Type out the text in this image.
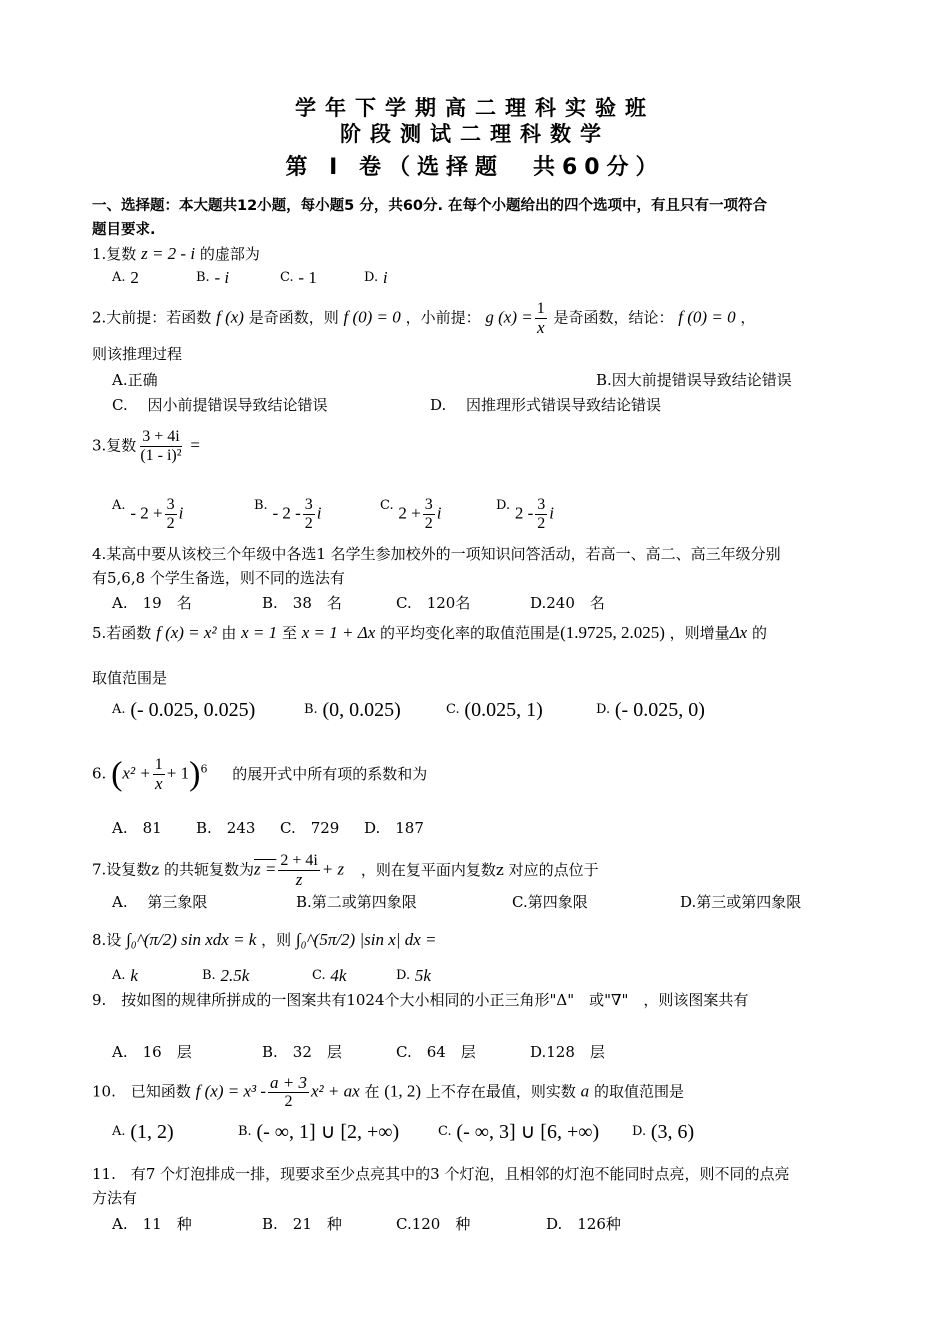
学年下学期高二理科实验班
阶段测试二理科数学
第 I 卷（选择题　共60分）
一、选择题：本大题共12小题，每小题5 分，共60分. 在每个小题给出的四个选项中，有且只有一项符合
题目要求.
1.复数 z = 2 - i 的虚部为
A. 2	B. - i	C. - 1	D. i
2.大前提：若函数 f (x) 是奇函数，则 f (0) = 0 ，小前提： g $(x) = \frac{1}{x}$ 是奇函数，结论： f (0) = 0 ，
则该推理过程
A.正确	B.因大前提错误导致结论错误
C.　 因小前提错误导致结论错误	D.　 因推理形式错误导致结论错误
3.复数 $\frac{3 + 4i}{\text{(1 - i)²}}$ =
A. - $2 + \frac{3}{2}$ i	B. - $2 - \frac{3}{2}$ i	C. $2 + \frac{3}{2}$ i	D. $2 - \frac{3}{2}$ i
4.某高中要从该校三个年级中各选1 名学生参加校外的一项知识问答活动，若高一、高二、高三年级分别
有5,6,8 个学生备选，则不同的选法有
A.　19　名	B.　38　名	C.　120名	D.240　名
5.若函数 f (x) = x² 由 x = 1 至 x = 1 + Δx 的平均变化率的取值范围是(1.9725, 2.025) ，则增量Δx 的
取值范围是
A. (- 0.025, 0.025)	B. (0, 0.025)	C. (0.025, 1)	D. (- 0.025, 0)
6. $(x^2 + \frac{1}{x} + 1)^6$ 的展开式中所有项的系数和为
A.　81 B.　243 C.　729 D.　187
7.设复数z 的共轭复数为$z = \frac{2 + 4i}{z} + z$ ，则在复平面内复数z 对应的点位于
A.　 第三象限	B.第二或第四象限	C.第四象限	D.第三或第四象限
8.设 ∫₀^(π/2) sin xdx = k ，则 ∫₀^(5π/2) |sin x| dx =
A. k	B. 2.5k	C. 4k	D. 5k
9.　按如图的规律所拼成的一图案共有1024个大小相同的小正三角形"Δ"　或"∇"　，则该图案共有
A.　16　层	B.　32　层	C.　64　层	D.128　层
10.　已知函数 f $(x) = x^3 - \frac{a + 3}{2} x^2$ + ax 在 (1, 2) 上不存在最值，则实数 a 的取值范围是
A. (1, 2)	B. (- ∞, 1] ∪ [2, +∞)	C. (- ∞, 3] ∪ [6, +∞)	D. (3, 6)
11.　有7 个灯泡排成一排，现要求至少点亮其中的3 个灯泡，且相邻的灯泡不能同时点亮，则不同的点亮
方法有
A.　11　种	B.　21　种	C.120　种	D.　126种
